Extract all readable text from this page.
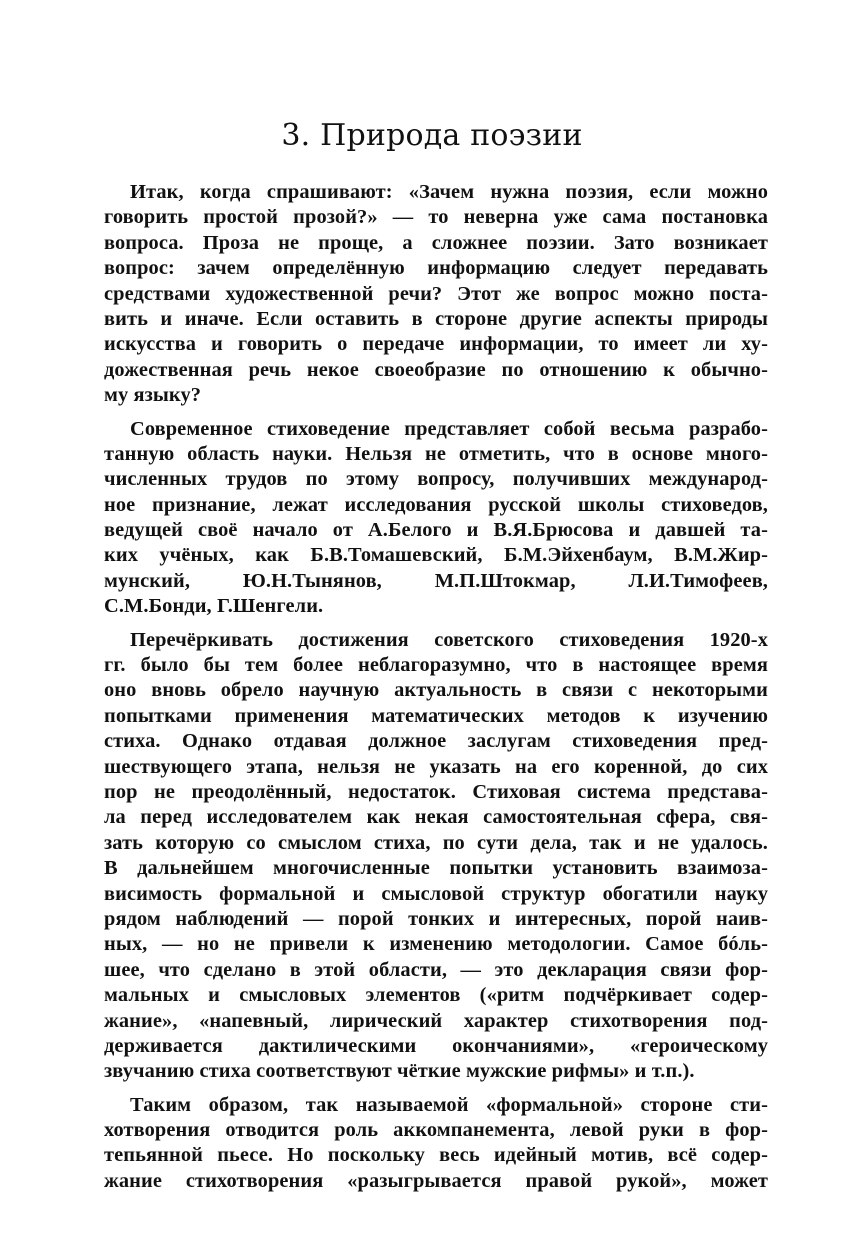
3. Природа поэзии
Итак, когда спрашивают: «Зачем нужна поэзия, если можно
говорить простой прозой?» — то неверна уже сама постановка
вопроса. Проза не проще, а сложнее поэзии. Зато возникает
вопрос: зачем определённую информацию следует передавать
средствами художественной речи? Этот же вопрос можно поста-
вить и иначе. Если оставить в стороне другие аспекты природы
искусства и говорить о передаче информации, то имеет ли ху-
дожественная речь некое своеобразие по отношению к обычно-
му языку?
Современное стиховедение представляет собой весьма разрабо-
танную область науки. Нельзя не отметить, что в основе много-
численных трудов по этому вопросу, получивших международ-
ное признание, лежат исследования русской школы стиховедов,
ведущей своё начало от А.Белого и В.Я.Брюсова и давшей та-
ких учёных, как Б.В.Томашевский, Б.М.Эйхенбаум, В.М.Жир-
мунский, Ю.Н.Тынянов, М.П.Штокмар, Л.И.Тимофеев,
С.М.Бонди, Г.Шенгели.
Перечёркивать достижения советского стиховедения 1920-х
гг. было бы тем более неблагоразумно, что в настоящее время
оно вновь обрело научную актуальность в связи с некоторыми
попытками применения математических методов к изучению
стиха. Однако отдавая должное заслугам стиховедения пред-
шествующего этапа, нельзя не указать на его коренной, до сих
пор не преодолённый, недостаток. Стиховая система представа-
ла перед исследователем как некая самостоятельная сфера, свя-
зать которую со смыслом стиха, по сути дела, так и не удалось.
В дальнейшем многочисленные попытки установить взаимоза-
висимость формальной и смысловой структур обогатили науку
рядом наблюдений — порой тонких и интересных, порой наив-
ных, — но не привели к изменению методологии. Самое бóль-
шее, что сделано в этой области, — это декларация связи фор-
мальных и смысловых элементов («ритм подчёркивает содер-
жание», «напевный, лирический характер стихотворения под-
держивается дактилическими окончаниями», «героическому
звучанию стиха соответствуют чёткие мужские рифмы» и т.п.).
Таким образом, так называемой «формальной» стороне сти-
хотворения отводится роль аккомпанемента, левой руки в фор-
тепьянной пьесе. Но поскольку весь идейный мотив, всё содер-
жание стихотворения «разыгрывается правой рукой», может
